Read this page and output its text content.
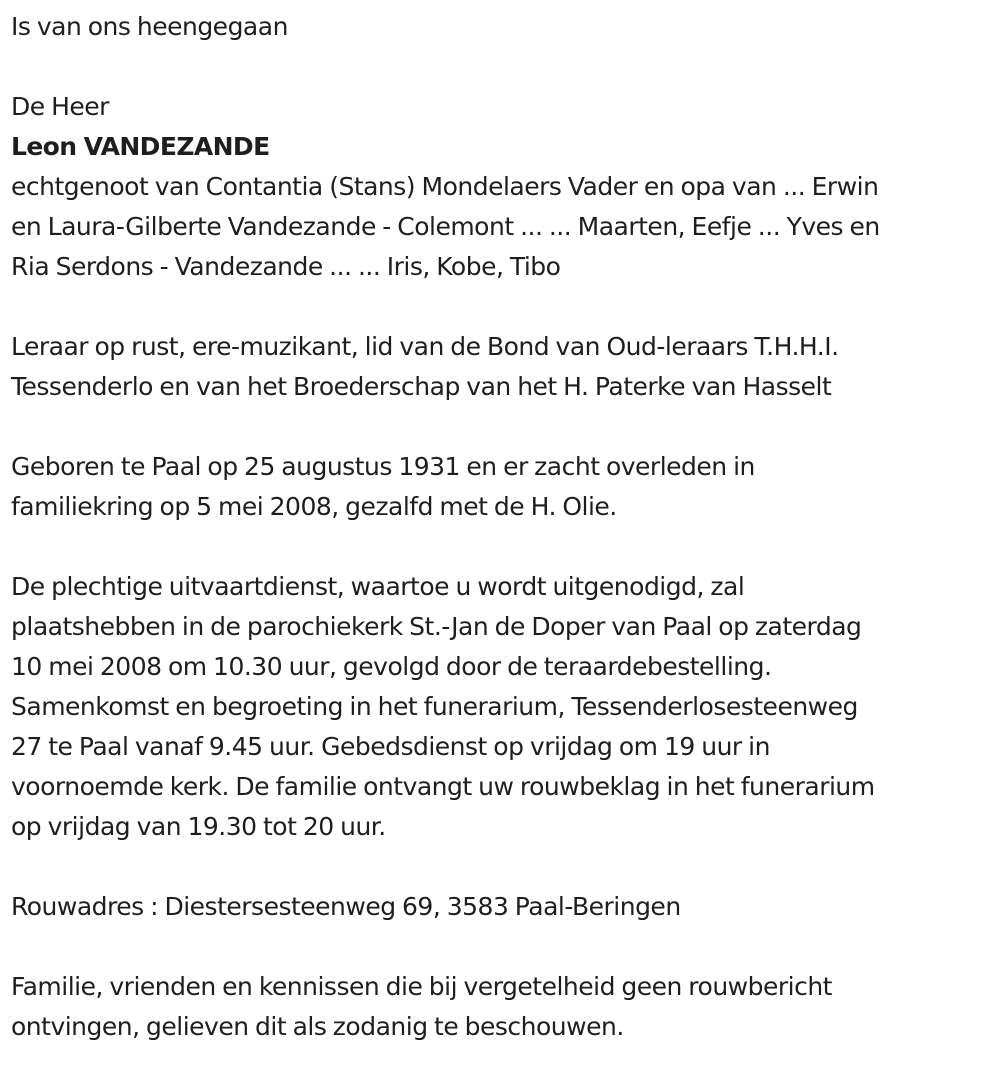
Is van ons heengegaan
De Heer
Leon VANDEZANDE
echtgenoot van Contantia (Stans) Mondelaers Vader en opa van ... Erwin
en Laura-Gilberte Vandezande - Colemont ... ... Maarten, Eefje ... Yves en
Ria Serdons - Vandezande ... ... Iris, Kobe, Tibo
Leraar op rust, ere-muzikant, lid van de Bond van Oud-leraars T.H.H.I.
Tessenderlo en van het Broederschap van het H. Paterke van Hasselt
Geboren te Paal op 25 augustus 1931 en er zacht overleden in
familiekring op 5 mei 2008, gezalfd met de H. Olie.
De plechtige uitvaartdienst, waartoe u wordt uitgenodigd, zal
plaatshebben in de parochiekerk St.-Jan de Doper van Paal op zaterdag
10 mei 2008 om 10.30 uur, gevolgd door de teraardebestelling.
Samenkomst en begroeting in het funerarium, Tessenderlosesteenweg
27 te Paal vanaf 9.45 uur. Gebedsdienst op vrijdag om 19 uur in
voornoemde kerk. De familie ontvangt uw rouwbeklag in het funerarium
op vrijdag van 19.30 tot 20 uur.
Rouwadres : Diestersesteenweg 69, 3583 Paal-Beringen
Familie, vrienden en kennissen die bij vergetelheid geen rouwbericht
ontvingen, gelieven dit als zodanig te beschouwen.
